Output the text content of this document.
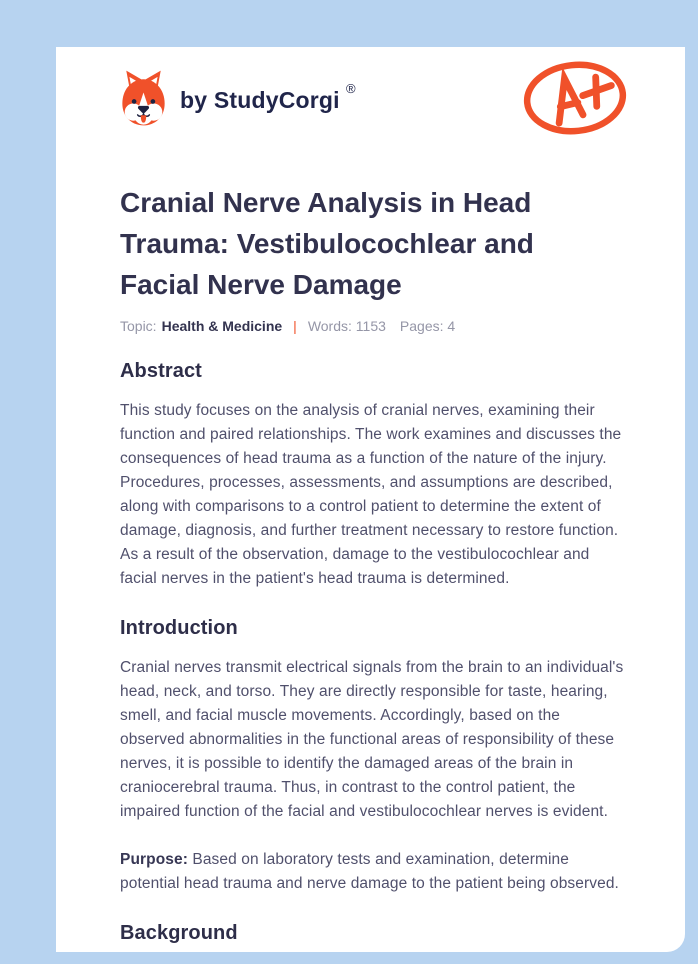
by StudyCorgi ®
Cranial Nerve Analysis in Head Trauma: Vestibulocochlear and Facial Nerve Damage
Topic: Health & Medicine | Words: 1153 Pages: 4
Abstract

This study focuses on the analysis of cranial nerves, examining their function and paired relationships. The work examines and discusses the consequences of head trauma as a function of the nature of the injury. Procedures, processes, assessments, and assumptions are described, along with comparisons to a control patient to determine the extent of damage, diagnosis, and further treatment necessary to restore function. As a result of the observation, damage to the vestibulocochlear and facial nerves in the patient's head trauma is determined.

Introduction

Cranial nerves transmit electrical signals from the brain to an individual's head, neck, and torso. They are directly responsible for taste, hearing, smell, and facial muscle movements. Accordingly, based on the observed abnormalities in the functional areas of responsibility of these nerves, it is possible to identify the damaged areas of the brain in craniocerebral trauma. Thus, in contrast to the control patient, the impaired function of the facial and vestibulocochlear nerves is evident.

Purpose: Based on laboratory tests and examination, determine potential head trauma and nerve damage to the patient being observed.

Background
